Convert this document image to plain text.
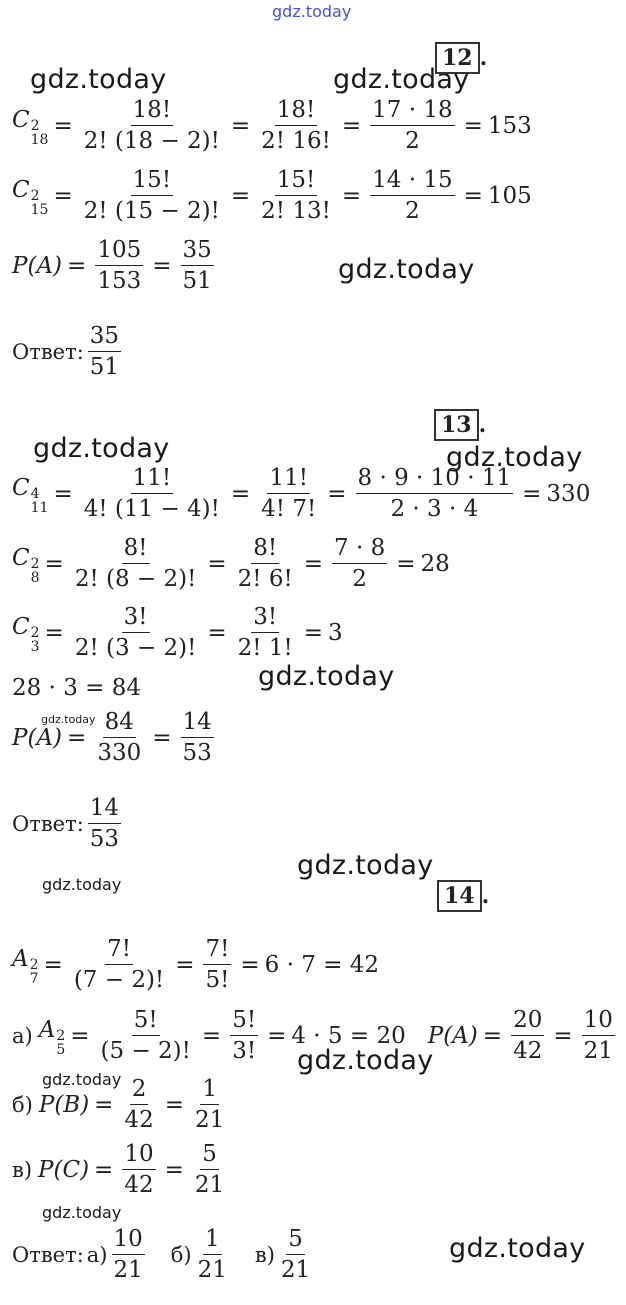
gdz.today
gdz.today	gdz.today
gdz.today
gdz.today	gdz.today
gdz.today
gdz.today
gdz.today
gdz.today
gdz.today
gdz.today
gdz.today
gdz.today
12 .
C 2
18
= $\frac{18!}{2! (18 - 2)!} = \frac{18!}{2! 16!} = \frac{17 \cdot 18}{2} = 153$
C 2
15
= $\frac{15!}{2! (15 - 2)!} = \frac{15!}{2! 13!} = \frac{14 \cdot 15}{2} = 105$
$P(A) = \frac{105}{153} = \frac{35}{51}$
Ответ: $\frac{35}{51}$
13 .
C 4
11
= $\frac{11!}{4! (11 - 4)!} = \frac{11!}{4! 7!} = \frac{8 \cdot 9 \cdot 10 \cdot 11}{2 \cdot 3 \cdot 4} = 330$
C 2
8
= $\frac{8!}{2! (8 - 2)!} = \frac{8!}{2! 6!} = \frac{7 \cdot 8}{2} = 28$
C 2
3
= $\frac{3!}{2! (3 - 2)!} = \frac{3!}{2! 1!} = 3$
28 · 3 = 84
$P(A) = \frac{84}{330} = \frac{14}{53}$
Ответ: $\frac{14}{53}$
14 .
A 2
7
= $\frac{7!}{(7 - 2)!} = \frac{7!}{5!} = 6 \cdot 7 = 42$
а) A 2
5
= $\frac{5!}{(5 - 2)!} = \frac{5!}{3!} = 4 \cdot 5 = 20$ $P(A) = \frac{20}{42} = \frac{10}{21}$
б) $P(B) = \frac{2}{42} = \frac{1}{21}$
в) $P(C) = \frac{10}{42} = \frac{5}{21}$
Ответ: $а) \frac{10}{21} б) \frac{1}{21} в) \frac{5}{21}$
